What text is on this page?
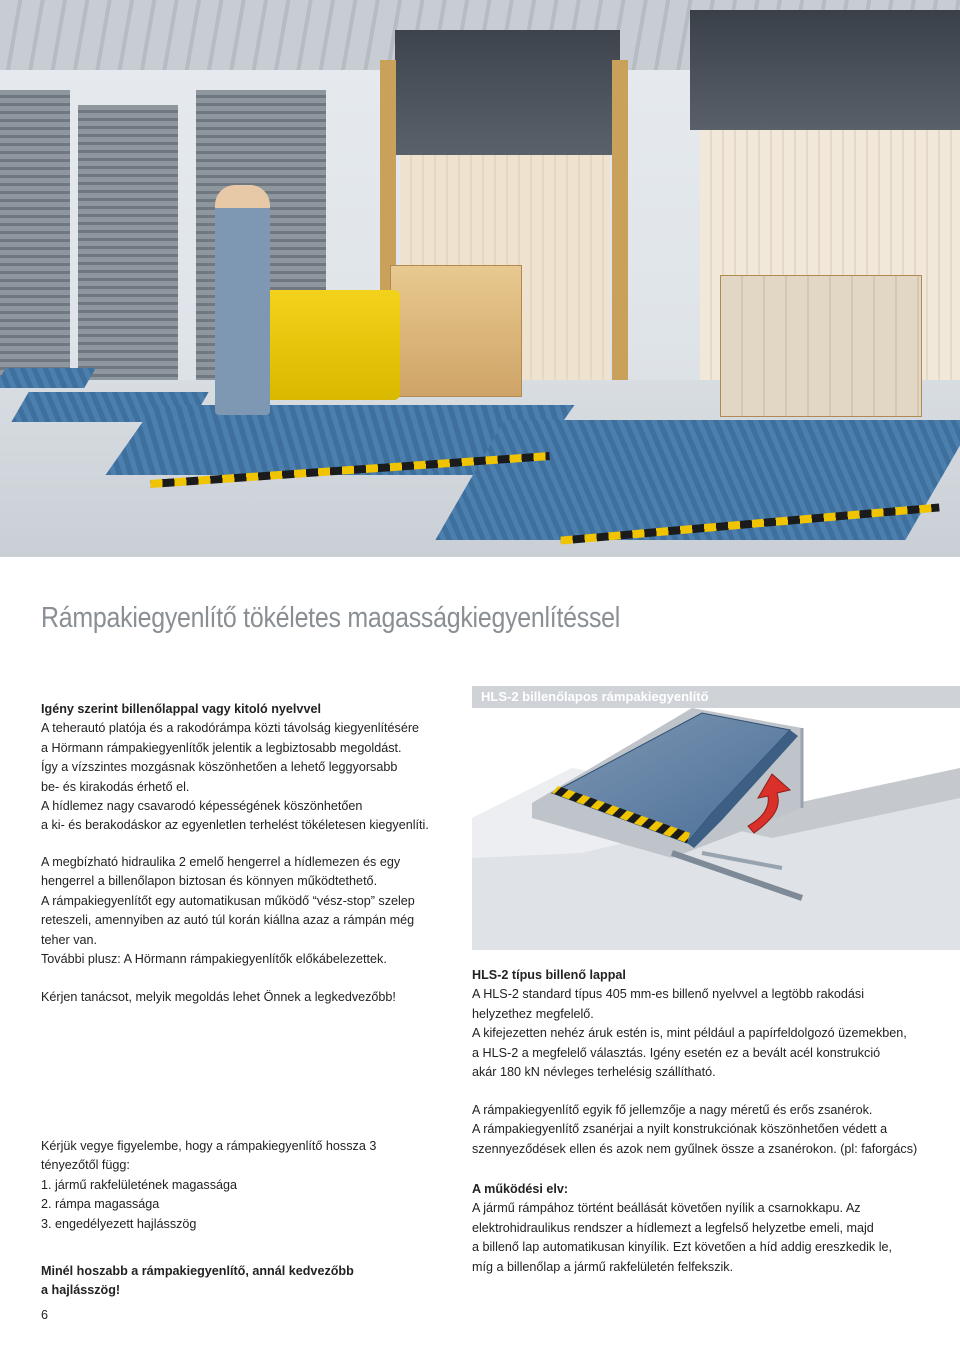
Rámpakiegyenlítő tökéletes magasságkiegyenlítéssel

Igény szerint billenőlappal vagy kitoló nyelvvel

A teherautó platója és a rakodórámpa közti távolság kiegyenlítésére

a Hörmann rámpakiegyenlítők jelentik a legbiztosabb megoldást.

Így a vízszintes mozgásnak köszönhetően a lehető leggyorsabb

be- és kirakodás érhető el.

A hídlemez nagy csavarodó képességének köszönhetően

a ki- és berakodáskor az egyenletlen terhelést tökéletesen kiegyenlíti.

A megbízható hidraulika 2 emelő hengerrel a hídlemezen és egy

hengerrel a billenőlapon biztosan és könnyen működtethető.

A rámpakiegyenlítőt egy automatikusan működő “vész-stop” szelep

reteszeli, amennyiben az autó túl korán kiállna azaz a rámpán még

teher van.

További plusz: A Hörmann rámpakiegyenlítők előkábelezettek.

Kérjen tanácsot, melyik megoldás lehet Önnek a legkedvezőbb!

Kérjük vegye figyelembe, hogy a rámpakiegyenlítő hossza 3

tényezőtől függ:

1. jármű rakfelületének magassága

2. rámpa magassága

3. engedélyezett hajlásszög

Minél hoszabb a rámpakiegyenlítő, annál kedvezőbb

a hajlásszög!

6
HLS-2 billenőlapos rámpakiegyenlítő

HLS-2 típus billenő lappal

A HLS-2 standard típus 405 mm-es billenő nyelvvel a legtöbb rakodási

helyzethez megfelelő.

A kifejezetten nehéz áruk estén is, mint például a papírfeldolgozó üzemekben,

a HLS-2 a megfelelő választás. Igény esetén ez a bevált acél konstrukció

akár 180 kN névleges terhelésig szállítható.

A rámpakiegyenlítő egyik fő jellemzője a nagy méretű és erős zsanérok.

A rámpakiegyenlítő zsanérjai a nyilt konstrukciónak köszönhetően védett a

szennyeződések ellen és azok nem gyűlnek össze a zsanérokon. (pl: faforgács)

A működési elv:

A jármű rámpához történt beállását követően nyílik a csarnokkapu. Az

elektrohidraulikus rendszer a hídlemezt a legfelső helyzetbe emeli, majd

a billenő lap automatikusan kinyílik. Ezt követően a híd addig ereszkedik le,

míg a billenőlap a jármű rakfelületén felfekszik.
